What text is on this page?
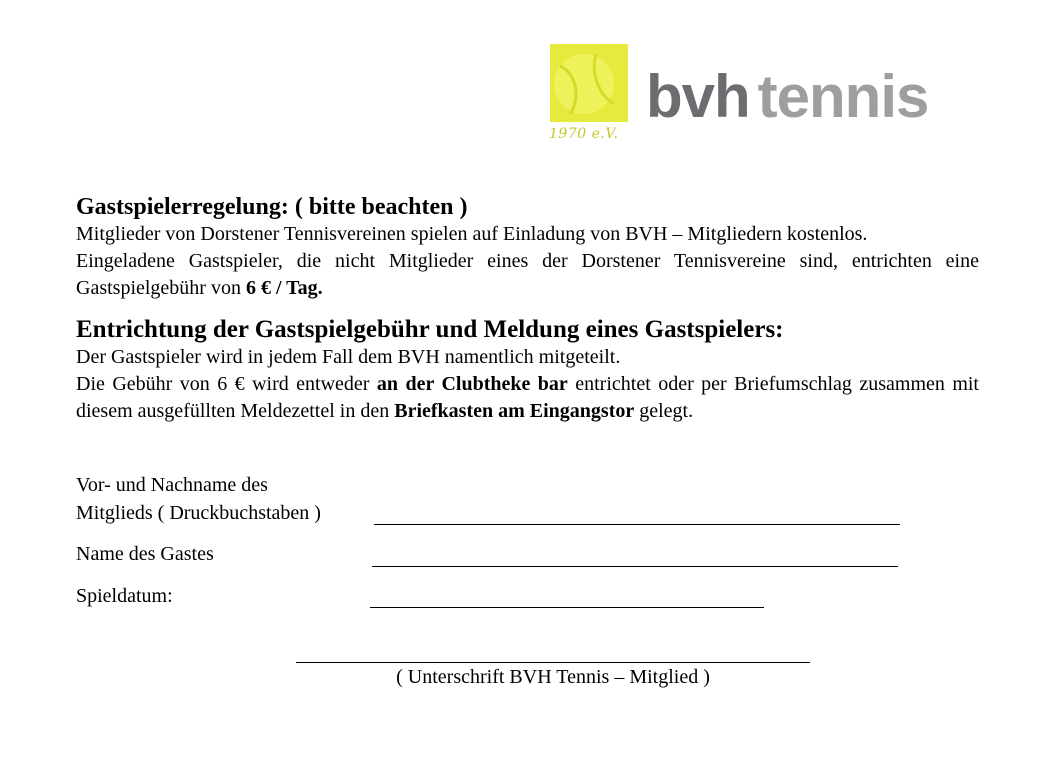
1970 e.V.
bvh tennis
Gastspielerregelung: ( bitte beachten )

Mitglieder von Dorstener Tennisvereinen spielen auf Einladung von BVH – Mitgliedern kostenlos.

Eingeladene Gastspieler, die nicht Mitglieder eines der Dorstener Tennisvereine sind, entrichten eine Gastspielgebühr von 6 € / Tag.

Entrichtung der Gastspielgebühr und Meldung eines Gastspielers:

Der Gastspieler wird in jedem Fall dem BVH namentlich mitgeteilt.

Die Gebühr von 6 € wird entweder an der Clubtheke bar entrichtet oder per Briefumschlag zusammen mit diesem ausgefüllten Meldezettel in den Briefkasten am Eingangstor gelegt.

Vor- und Nachname des
Mitglieds ( Druckbuchstaben )
Name des Gastes
Spieldatum:
( Unterschrift BVH Tennis – Mitglied )
